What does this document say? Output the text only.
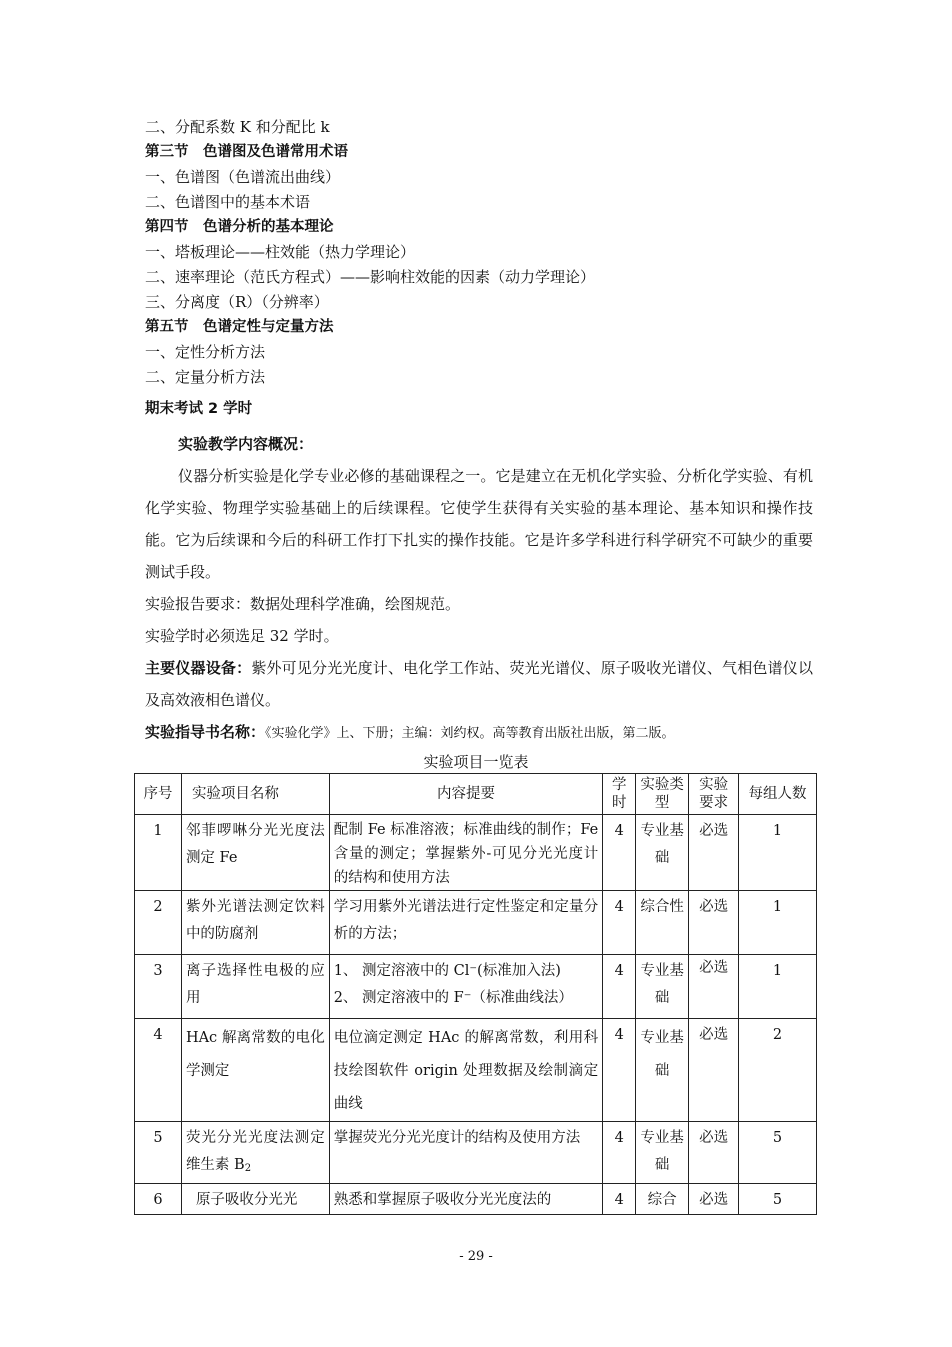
二、分配系数 K 和分配比 k
第三节　色谱图及色谱常用术语
一、色谱图（色谱流出曲线）
二、色谱图中的基本术语
第四节　色谱分析的基本理论
一、塔板理论——柱效能（热力学理论）
二、速率理论（范氏方程式）——影响柱效能的因素（动力学理论）
三、分离度（R）（分辨率）
第五节　色谱定性与定量方法
一、定性分析方法
二、定量分析方法
期末考试 2 学时
实验教学内容概况：
仪器分析实验是化学专业必修的基础课程之一。它是建立在无机化学实验、分析化学实验、有机化学实验、物理学实验基础上的后续课程。它使学生获得有关实验的基本理论、基本知识和操作技能。它为后续课和今后的科研工作打下扎实的操作技能。它是许多学科进行科学研究不可缺少的重要测试手段。
实验报告要求：数据处理科学准确，绘图规范。
实验学时必须选足 32 学时。
主要仪器设备：紫外可见分光光度计、电化学工作站、荧光光谱仪、原子吸收光谱仪、气相色谱仪以及高效液相色谱仪。
实验指导书名称：《实验化学》上、下册；主编：刘约权。高等教育出版社出版，第二版。
实验项目一览表
序号	实验项目名称	内容提要	学时	实验类型	实验要求	每组人数
1	邻菲啰啉分光光度法测定 Fe	配制 Fe 标准溶液；标准曲线的制作；Fe 含量的测定；掌握紫外-可见分光光度计的结构和使用方法	4	专业基础	必选	1
2	紫外光谱法测定饮料中的防腐剂	学习用紫外光谱法进行定性鉴定和定量分析的方法；	4	综合性	必选	1
3	离子选择性电极的应用	1、 测定溶液中的 Cl⁻(标准加入法)
2、 测定溶液中的 F⁻（标准曲线法）	4	专业基础	必选	1
4	HAc 解离常数的电化学测定	电位滴定测定 HAc 的解离常数，利用科技绘图软件 origin 处理数据及绘制滴定曲线	4	专业基础	必选	2
5	荧光分光光度法测定维生素 $B_2$	掌握荧光分光光度计的结构及使用方法	4	专业基础	必选	5
6	原子吸收分光光	熟悉和掌握原子吸收分光光度法的	4	综合	必选	5
- 29 -
